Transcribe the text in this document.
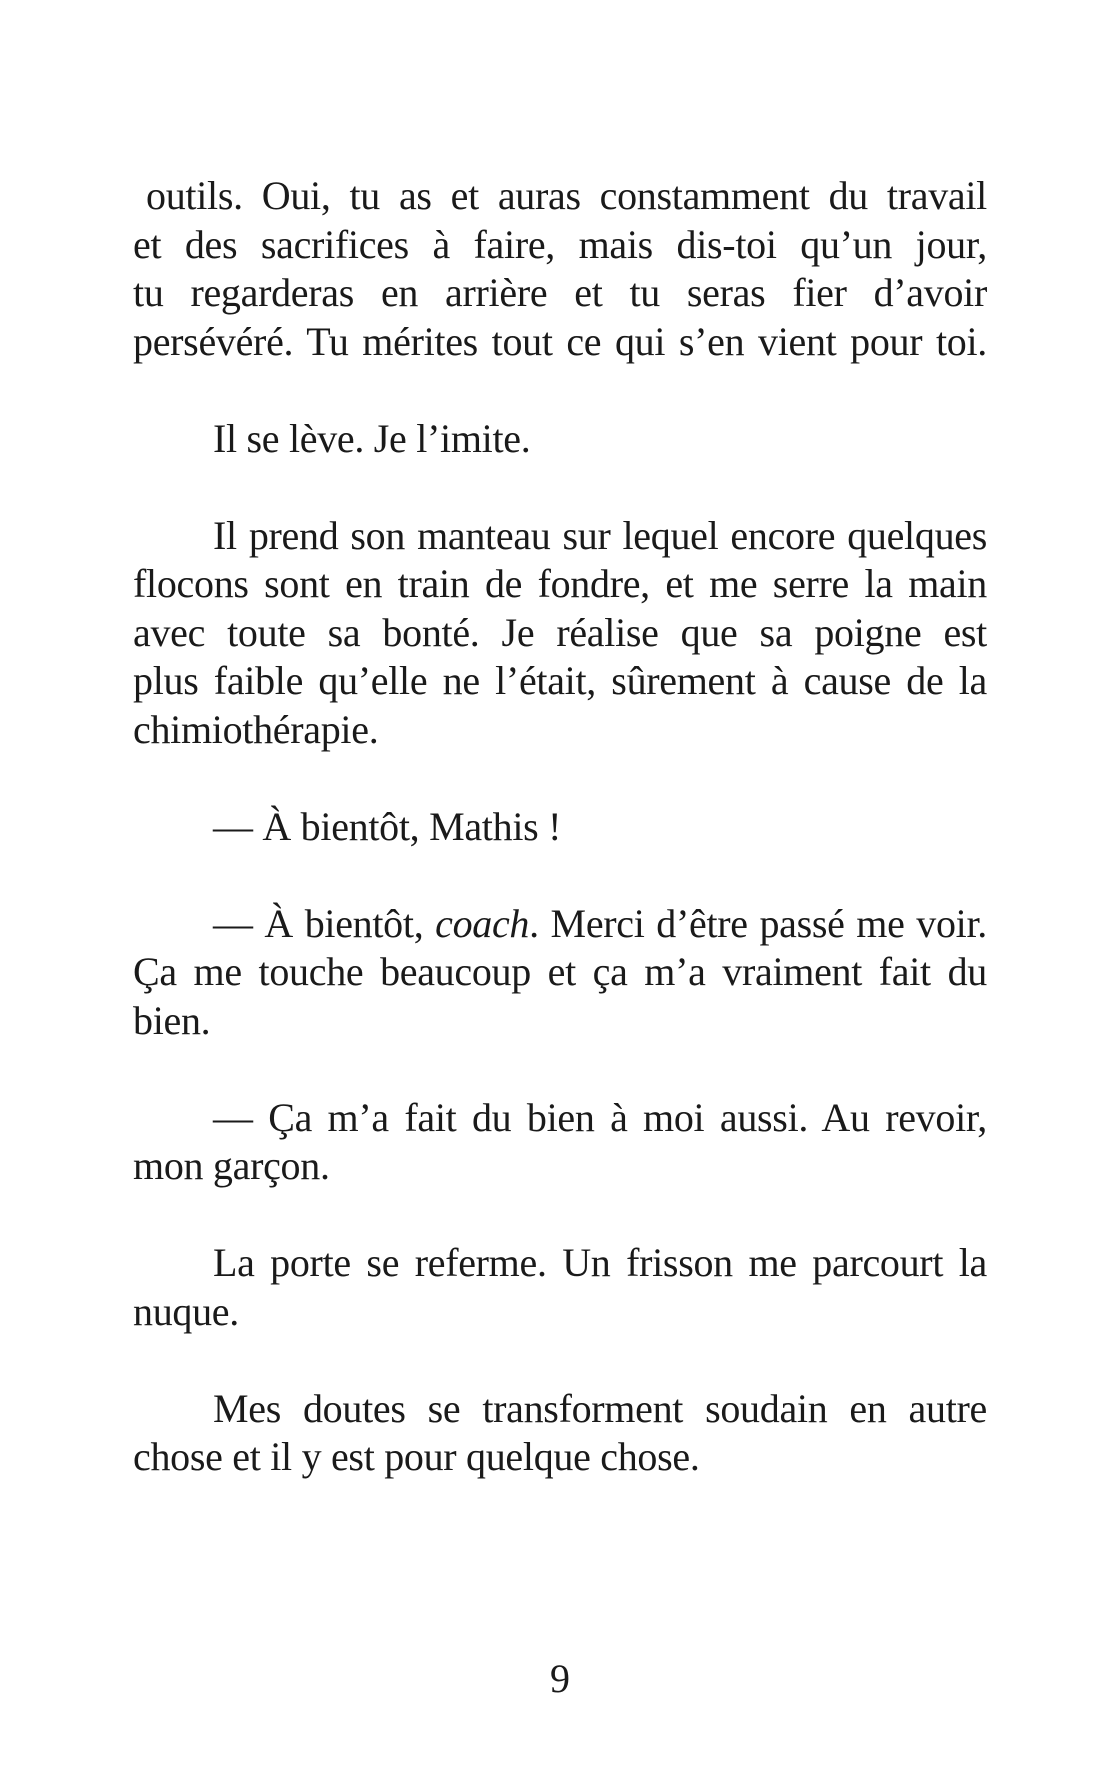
outils. Oui, tu as et auras constamment du travail
et des sacrifices à faire, mais dis-toi qu’un jour,
tu regarderas en arrière et tu seras fier d’avoir
persévéré. Tu mérites tout ce qui s’en vient pour toi.

Il se lève. Je l’imite.

Il prend son manteau sur lequel encore quelques
flocons sont en train de fondre, et me serre la main
avec toute sa bonté. Je réalise que sa poigne est
plus faible qu’elle ne l’était, sûrement à cause de la
chimiothérapie.

— À bientôt, Mathis !

— À bientôt, coach. Merci d’être passé me voir.
Ça me touche beaucoup et ça m’a vraiment fait du
bien.

— Ça m’a fait du bien à moi aussi. Au revoir,
mon garçon.

La porte se referme. Un frisson me parcourt la
nuque.

Mes doutes se transforment soudain en autre
chose et il y est pour quelque chose.

9
